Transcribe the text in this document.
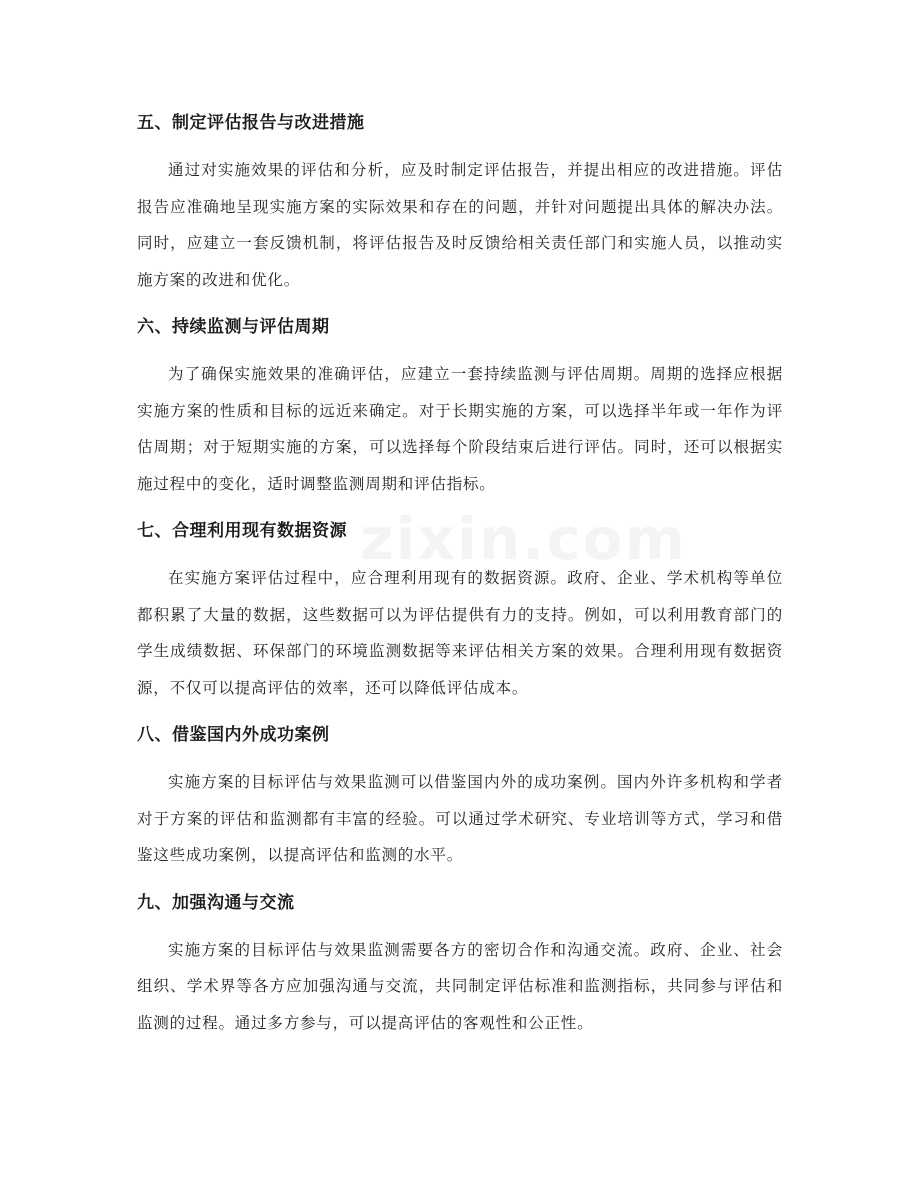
五、制定评估报告与改进措施

通过对实施效果的评估和分析，应及时制定评估报告，并提出相应的改进措施。评估报告应准确地呈现实施方案的实际效果和存在的问题，并针对问题提出具体的解决办法。同时，应建立一套反馈机制，将评估报告及时反馈给相关责任部门和实施人员，以推动实施方案的改进和优化。

六、持续监测与评估周期

为了确保实施效果的准确评估，应建立一套持续监测与评估周期。周期的选择应根据实施方案的性质和目标的远近来确定。对于长期实施的方案，可以选择半年或一年作为评估周期；对于短期实施的方案，可以选择每个阶段结束后进行评估。同时，还可以根据实施过程中的变化，适时调整监测周期和评估指标。

七、合理利用现有数据资源

在实施方案评估过程中，应合理利用现有的数据资源。政府、企业、学术机构等单位都积累了大量的数据，这些数据可以为评估提供有力的支持。例如，可以利用教育部门的学生成绩数据、环保部门的环境监测数据等来评估相关方案的效果。合理利用现有数据资源，不仅可以提高评估的效率，还可以降低评估成本。

八、借鉴国内外成功案例

实施方案的目标评估与效果监测可以借鉴国内外的成功案例。国内外许多机构和学者对于方案的评估和监测都有丰富的经验。可以通过学术研究、专业培训等方式，学习和借鉴这些成功案例，以提高评估和监测的水平。

九、加强沟通与交流

实施方案的目标评估与效果监测需要各方的密切合作和沟通交流。政府、企业、社会组织、学术界等各方应加强沟通与交流，共同制定评估标准和监测指标，共同参与评估和监测的过程。通过多方参与，可以提高评估的客观性和公正性。
